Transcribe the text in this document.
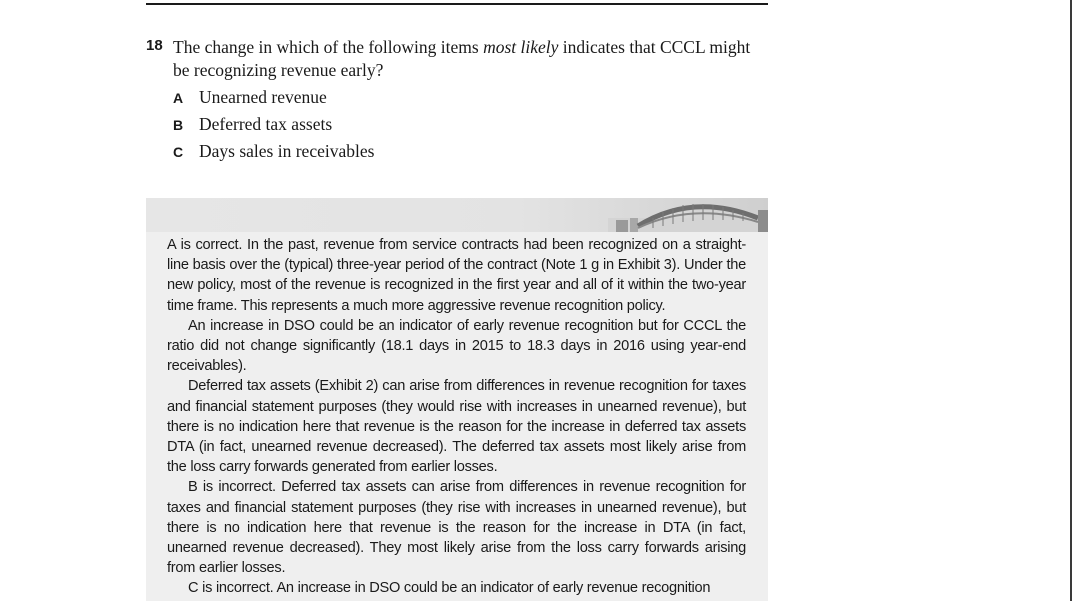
18 The change in which of the following items most likely indicates that CCCL might be recognizing revenue early?
A Unearned revenue
B Deferred tax assets
C Days sales in receivables

A is correct. In the past, revenue from service contracts had been recognized on a straight-line basis over the (typical) three-year period of the contract (Note 1 g in Exhibit 3). Under the new policy, most of the revenue is recognized in the first year and all of it within the two-year time frame. This represents a much more aggressive revenue recognition policy.

An increase in DSO could be an indicator of early revenue recognition but for CCCL the ratio did not change significantly (18.1 days in 2015 to 18.3 days in 2016 using year-end receivables).

Deferred tax assets (Exhibit 2) can arise from differences in revenue recognition for taxes and financial statement purposes (they would rise with increases in unearned revenue), but there is no indication here that revenue is the reason for the increase in deferred tax assets DTA (in fact, unearned revenue decreased). The deferred tax assets most likely arise from the loss carry forwards generated from earlier losses.

B is incorrect. Deferred tax assets can arise from differences in revenue recognition for taxes and financial statement purposes (they rise with increases in unearned revenue), but there is no indication here that revenue is the reason for the increase in DTA (in fact, unearned revenue decreased). They most likely arise from the loss carry forwards arising from earlier losses.

C is incorrect. An increase in DSO could be an indicator of early revenue recognition
